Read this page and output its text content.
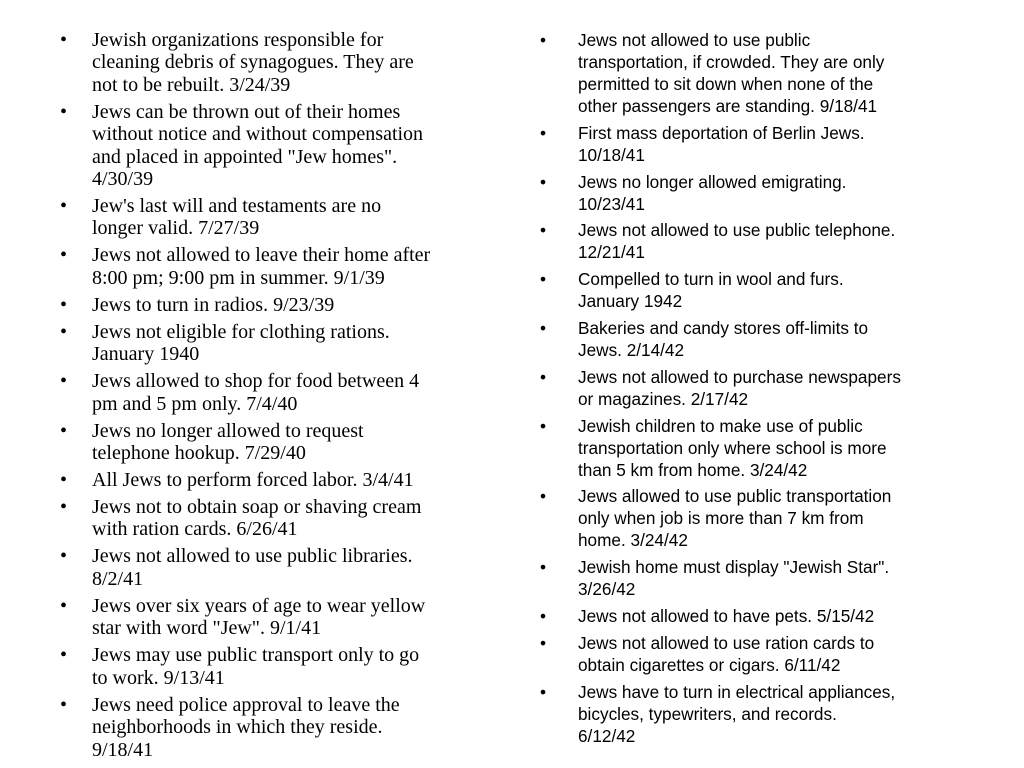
• Jewish organizations responsible for
cleaning debris of synagogues. They are
not to be rebuilt. 3/24/39
• Jews can be thrown out of their homes
without notice and without compensation
and placed in appointed "Jew homes".
4/30/39
• Jew's last will and testaments are no
longer valid. 7/27/39
• Jews not allowed to leave their home after
8:00 pm; 9:00 pm in summer. 9/1/39
• Jews to turn in radios. 9/23/39
• Jews not eligible for clothing rations.
January 1940
• Jews allowed to shop for food between 4
pm and 5 pm only. 7/4/40
• Jews no longer allowed to request
telephone hookup. 7/29/40
• All Jews to perform forced labor. 3/4/41
• Jews not to obtain soap or shaving cream
with ration cards. 6/26/41
• Jews not allowed to use public libraries.
8/2/41
• Jews over six years of age to wear yellow
star with word "Jew". 9/1/41
• Jews may use public transport only to go
to work. 9/13/41
• Jews need police approval to leave the
neighborhoods in which they reside.
9/18/41
• Jews not allowed to use public
transportation, if crowded. They are only
permitted to sit down when none of the
other passengers are standing. 9/18/41
• First mass deportation of Berlin Jews.
10/18/41
• Jews no longer allowed emigrating.
10/23/41
• Jews not allowed to use public telephone.
12/21/41
• Compelled to turn in wool and furs.
January 1942
• Bakeries and candy stores off-limits to
Jews. 2/14/42
• Jews not allowed to purchase newspapers
or magazines. 2/17/42
• Jewish children to make use of public
transportation only where school is more
than 5 km from home. 3/24/42
• Jews allowed to use public transportation
only when job is more than 7 km from
home. 3/24/42
• Jewish home must display "Jewish Star".
3/26/42
• Jews not allowed to have pets. 5/15/42
• Jews not allowed to use ration cards to
obtain cigarettes or cigars. 6/11/42
• Jews have to turn in electrical appliances,
bicycles, typewriters, and records.
6/12/42
